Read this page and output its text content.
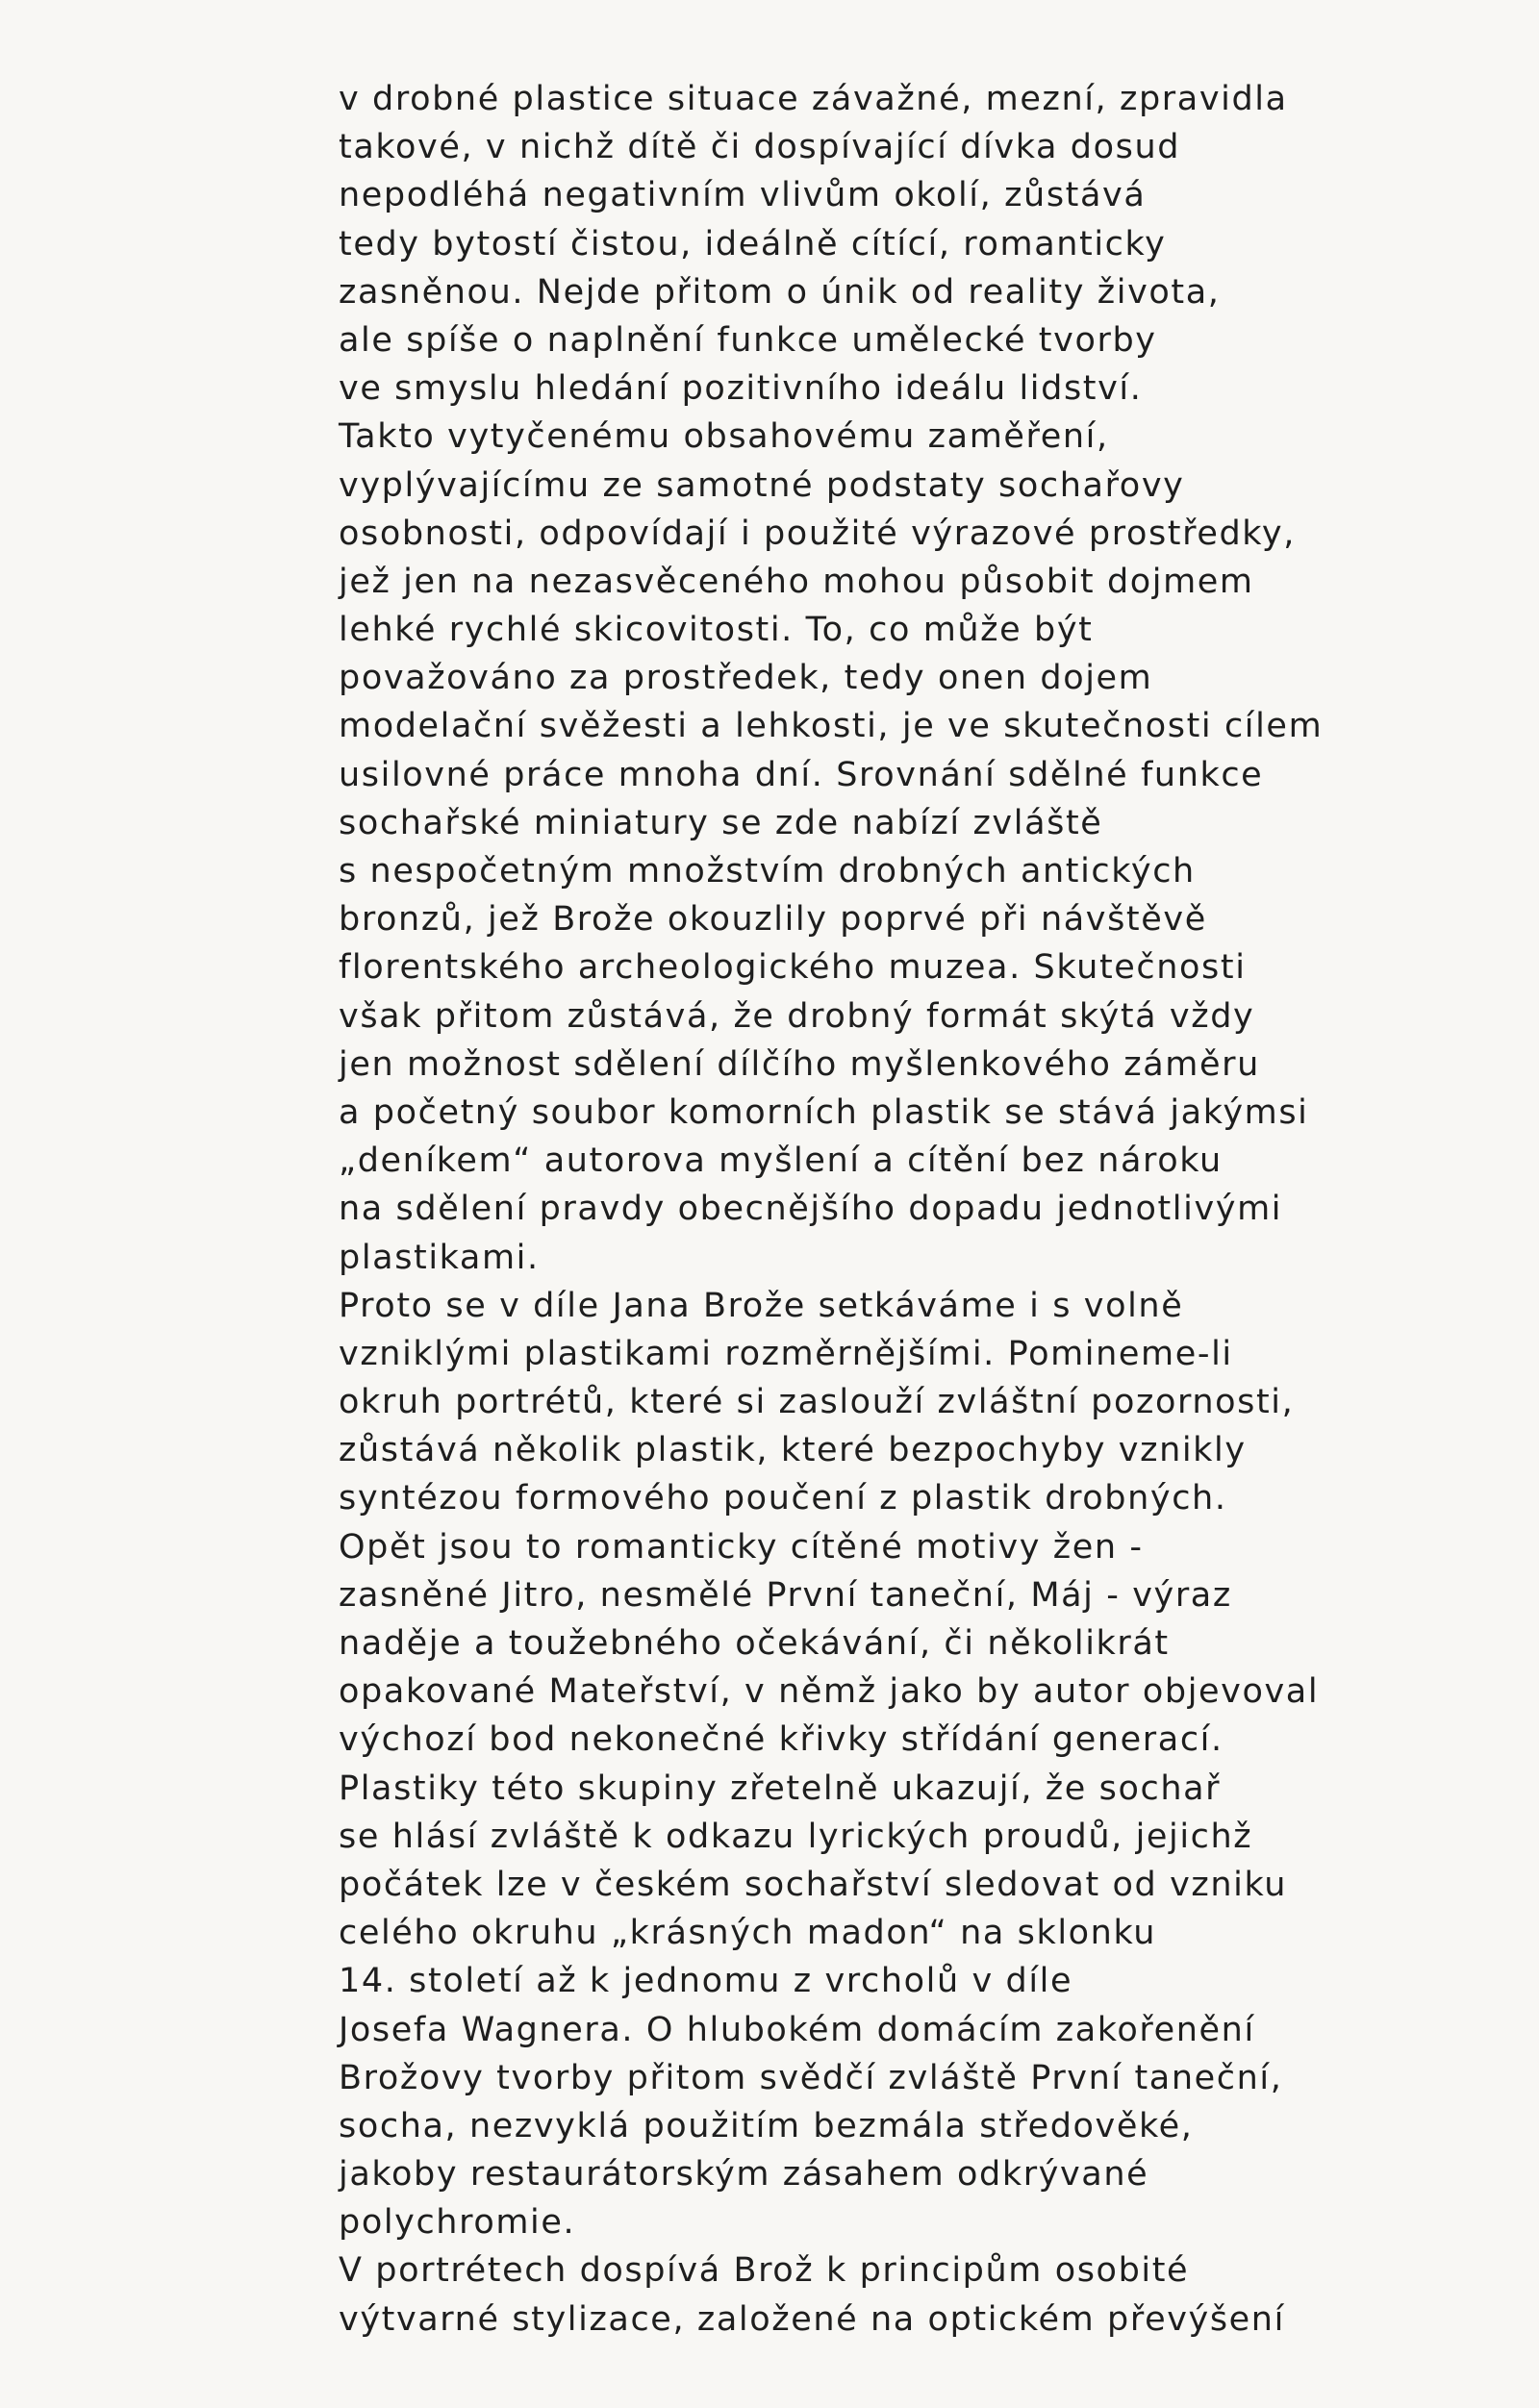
v drobné plastice situace závažné, mezní, zpravidla
takové, v nichž dítě či dospívající dívka dosud
nepodléhá negativním vlivům okolí, zůstává
tedy bytostí čistou, ideálně cítící, romanticky
zasněnou. Nejde přitom o únik od reality života,
ale spíše o naplnění funkce umělecké tvorby
ve smyslu hledání pozitivního ideálu lidství.
Takto vytyčenému obsahovému zaměření,
vyplývajícímu ze samotné podstaty sochařovy
osobnosti, odpovídají i použité výrazové prostředky,
jež jen na nezasvěceného mohou působit dojmem
lehké rychlé skicovitosti. To, co může být
považováno za prostředek, tedy onen dojem
modelační svěžesti a lehkosti, je ve skutečnosti cílem
usilovné práce mnoha dní. Srovnání sdělné funkce
sochařské miniatury se zde nabízí zvláště
s nespočetným množstvím drobných antických
bronzů, jež Brože okouzlily poprvé při návštěvě
florentského archeologického muzea. Skutečnosti
však přitom zůstává, že drobný formát skýtá vždy
jen možnost sdělení dílčího myšlenkového záměru
a početný soubor komorních plastik se stává jakýmsi
„deníkem“ autorova myšlení a cítění bez nároku
na sdělení pravdy obecnějšího dopadu jednotlivými
plastikami.
Proto se v díle Jana Brože setkáváme i s volně
vzniklými plastikami rozměrnějšími. Pomineme-li
okruh portrétů, které si zaslouží zvláštní pozornosti,
zůstává několik plastik, které bezpochyby vznikly
syntézou formového poučení z plastik drobných.
Opět jsou to romanticky cítěné motivy žen -
zasněné Jitro, nesmělé První taneční, Máj - výraz
naděje a toužebného očekávání, či několikrát
opakované Mateřství, v němž jako by autor objevoval
výchozí bod nekonečné křivky střídání generací.
Plastiky této skupiny zřetelně ukazují, že sochař
se hlásí zvláště k odkazu lyrických proudů, jejichž
počátek lze v českém sochařství sledovat od vzniku
celého okruhu „krásných madon“ na sklonku
14. století až k jednomu z vrcholů v díle
Josefa Wagnera. O hlubokém domácím zakořenění
Brožovy tvorby přitom svědčí zvláště První taneční,
socha, nezvyklá použitím bezmála středověké,
jakoby restaurátorským zásahem odkrývané
polychromie.
V portrétech dospívá Brož k principům osobité
výtvarné stylizace, založené na optickém převýšení
